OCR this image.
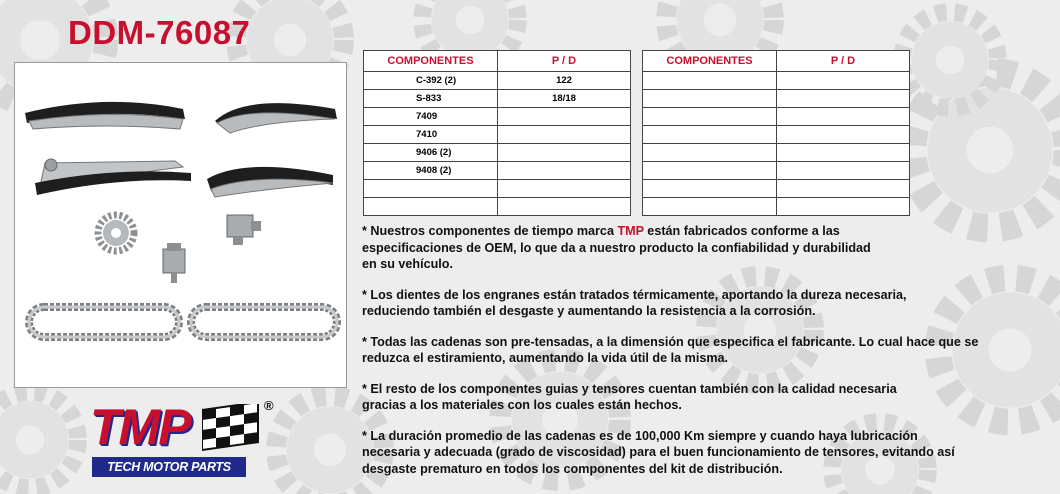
DDM-76087
COMPONENTES	P / D
C-392 (2)	122
S-833	18/18
7409	
7410	
9406 (2)	
9408 (2)	

COMPONENTES	P / D

* Nuestros componentes de tiempo marca TMP están fabricados conforme a las
especificaciones de OEM, lo que da a nuestro producto la confiabilidad y durabilidad
en su vehículo.

* Los dientes de los engranes están tratados térmicamente, aportando la dureza necesaria,
reduciendo también el desgaste y aumentando la resistencia a la corrosión.

* Todas las cadenas son pre-tensadas, a la dimensión que especifica el fabricante. Lo cual hace que se
reduzca el estiramiento, aumentando la vida útil de la misma.

* El resto de los componentes guias y tensores cuentan también con la calidad necesaria
gracias a los materiales con los cuales están hechos.

* La duración promedio de las cadenas es de 100,000 Km siempre y cuando haya lubricación
necesaria y adecuada (grado de viscosidad) para el buen funcionamiento de tensores, evitando así
desgaste prematuro en todos los componentes del kit de distribución.

TMP	®
TECH MOTOR PARTS
